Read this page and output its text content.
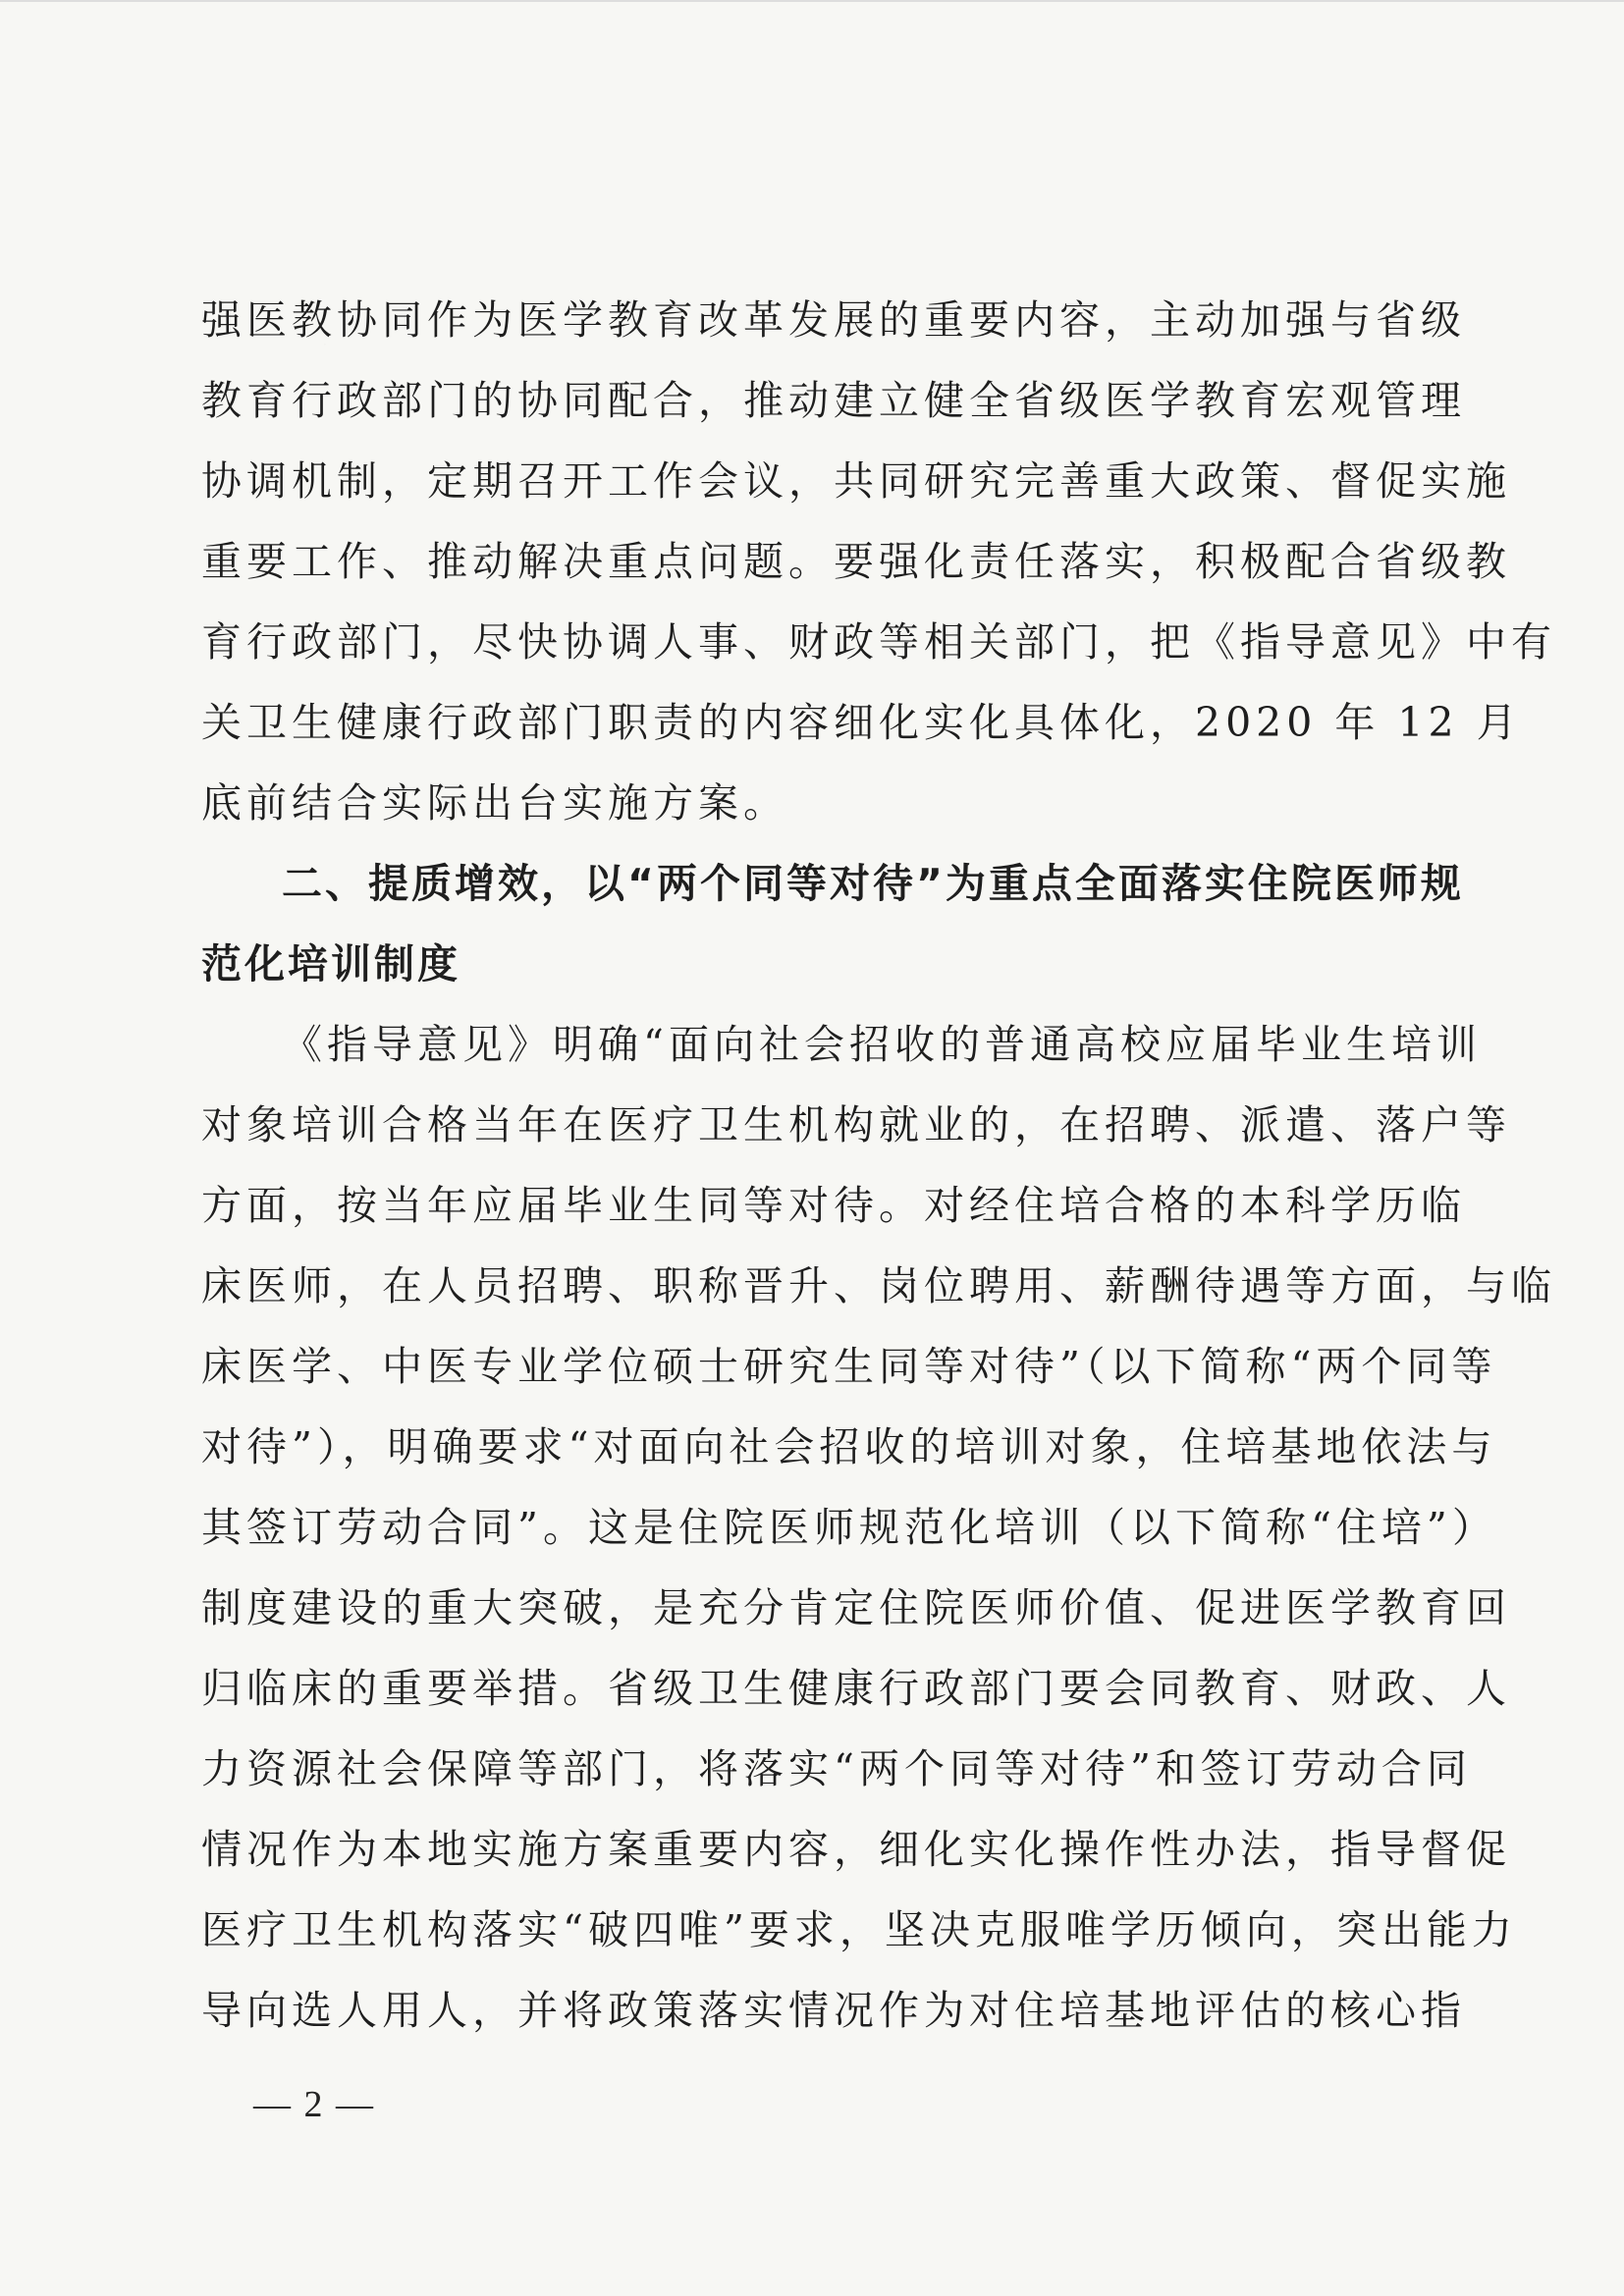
强医教协同作为医学教育改革发展的重要内容，主动加强与省级
教育行政部门的协同配合，推动建立健全省级医学教育宏观管理
协调机制，定期召开工作会议，共同研究完善重大政策、督促实施
重要工作、推动解决重点问题。要强化责任落实，积极配合省级教
育行政部门，尽快协调人事、财政等相关部门，把《指导意见》中有
关卫生健康行政部门职责的内容细化实化具体化，2020 年 12 月
底前结合实际出台实施方案。
二、提质增效，以“两个同等对待”为重点全面落实住院医师规
范化培训制度
《指导意见》明确“面向社会招收的普通高校应届毕业生培训
对象培训合格当年在医疗卫生机构就业的，在招聘、派遣、落户等
方面，按当年应届毕业生同等对待。对经住培合格的本科学历临
床医师，在人员招聘、职称晋升、岗位聘用、薪酬待遇等方面，与临
床医学、中医专业学位硕士研究生同等对待”（以下简称“两个同等
对待”），明确要求“对面向社会招收的培训对象，住培基地依法与
其签订劳动合同”。这是住院医师规范化培训（以下简称“住培”）
制度建设的重大突破，是充分肯定住院医师价值、促进医学教育回
归临床的重要举措。省级卫生健康行政部门要会同教育、财政、人
力资源社会保障等部门，将落实“两个同等对待”和签订劳动合同
情况作为本地实施方案重要内容，细化实化操作性办法，指导督促
医疗卫生机构落实“破四唯”要求，坚决克服唯学历倾向，突出能力
导向选人用人，并将政策落实情况作为对住培基地评估的核心指
— 2 —
